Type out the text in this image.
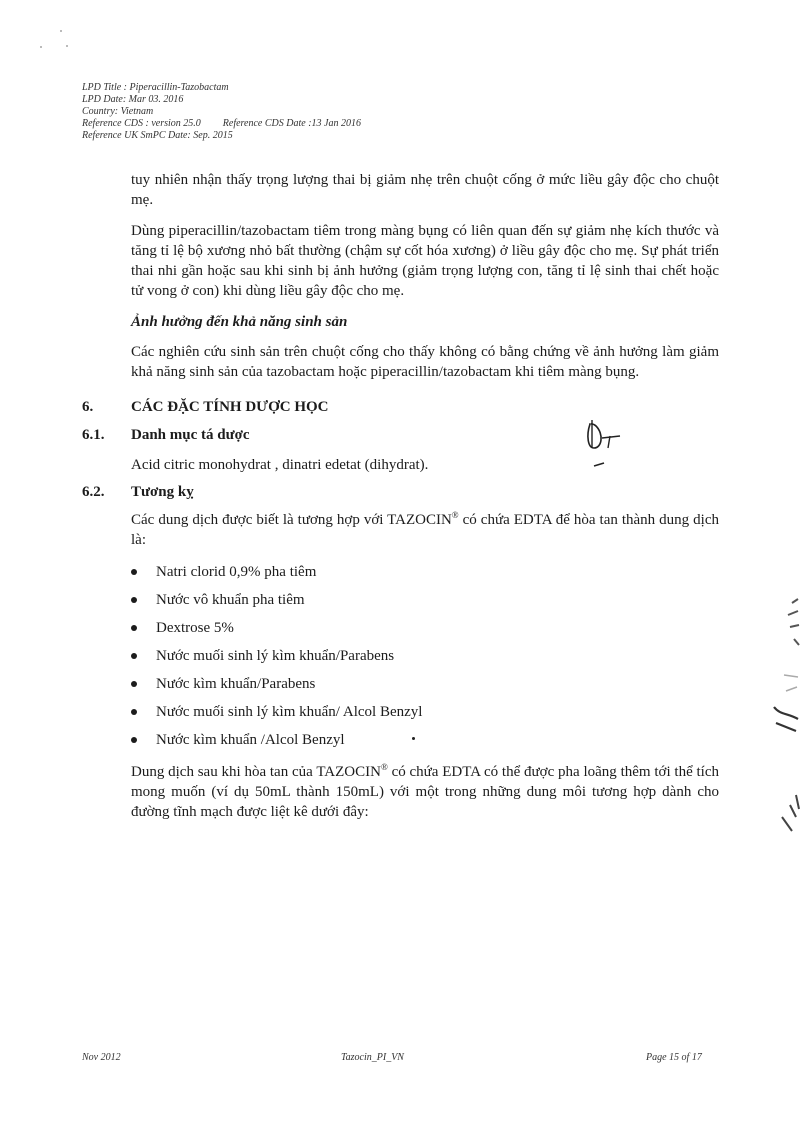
LPD Title : Piperacillin-Tazobactam
LPD Date: Mar 03. 2016
Country: Vietnam
Reference CDS : version 25.0 Reference CDS Date :13 Jan 2016
Reference UK SmPC Date: Sep. 2015

tuy nhiên nhận thấy trọng lượng thai bị giảm nhẹ trên chuột cống ở mức liều gây độc cho chuột mẹ.

Dùng piperacillin/tazobactam tiêm trong màng bụng có liên quan đến sự giảm nhẹ kích thước và tăng tỉ lệ bộ xương nhỏ bất thường (chậm sự cốt hóa xương) ở liều gây độc cho mẹ. Sự phát triển thai nhi gần hoặc sau khi sinh bị ảnh hưởng (giảm trọng lượng con, tăng tỉ lệ sinh thai chết hoặc tử vong ở con) khi dùng liều gây độc cho mẹ.

Ảnh hưởng đến khả năng sinh sản

Các nghiên cứu sinh sản trên chuột cống cho thấy không có bằng chứng về ảnh hưởng làm giảm khả năng sinh sản của tazobactam hoặc piperacillin/tazobactam khi tiêm màng bụng.

6.	CÁC ĐẶC TÍNH DƯỢC HỌC
6.1. Danh mục tá dược
Acid citric monohydrat , dinatri edetat (dihydrat).
6.2. Tương kỵ

Các dung dịch được biết là tương hợp với TAZOCIN® có chứa EDTA để hòa tan thành dung dịch là:

Natri clorid 0,9% pha tiêm
Nước vô khuẩn pha tiêm
Dextrose 5%
Nước muối sinh lý kìm khuẩn/Parabens
Nước kìm khuẩn/Parabens
Nước muối sinh lý kìm khuẩn/ Alcol Benzyl
Nước kìm khuẩn /Alcol Benzyl

Dung dịch sau khi hòa tan của TAZOCIN® có chứa EDTA có thể được pha loãng thêm tới thể tích mong muốn (ví dụ 50mL thành 150mL) với một trong những dung môi tương hợp dành cho đường tĩnh mạch được liệt kê dưới đây:

Nov 2012	Tazocin_PI_VN	Page 15 of 17
